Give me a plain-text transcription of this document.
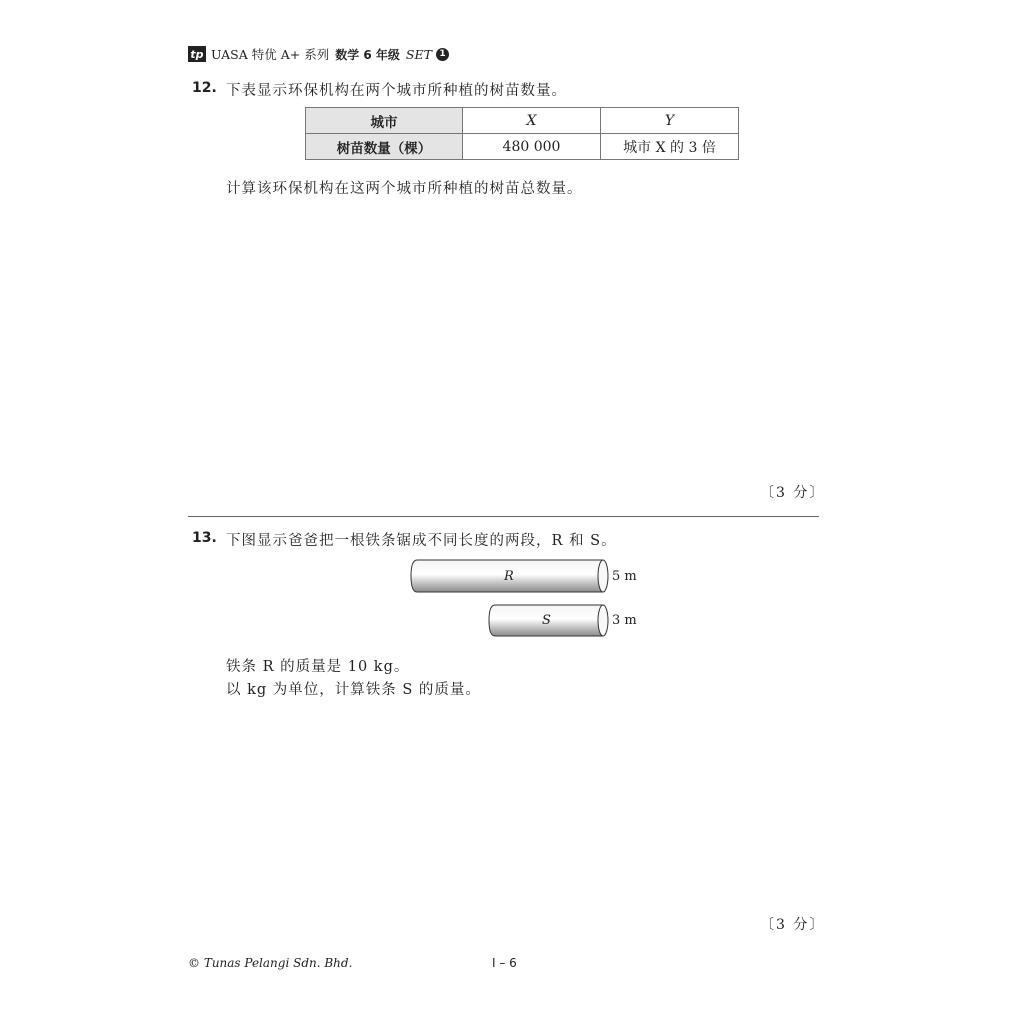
tp UASA 特优 A+ 系列 数学 6 年级 SET 1
12. 下表显示环保机构在两个城市所种植的树苗数量。
城市	X	Y
树苗数量（棵）	480 000	城市 X 的 3 倍
计算该环保机构在这两个城市所种植的树苗总数量。
〔3 分〕
13. 下图显示爸爸把一根铁条锯成不同长度的两段，R 和 S。
R	5 m
S	3 m
铁条 R 的质量是 10 kg。
以 kg 为单位，计算铁条 S 的质量。
〔3 分〕
© Tunas Pelangi Sdn. Bhd.	I – 6
